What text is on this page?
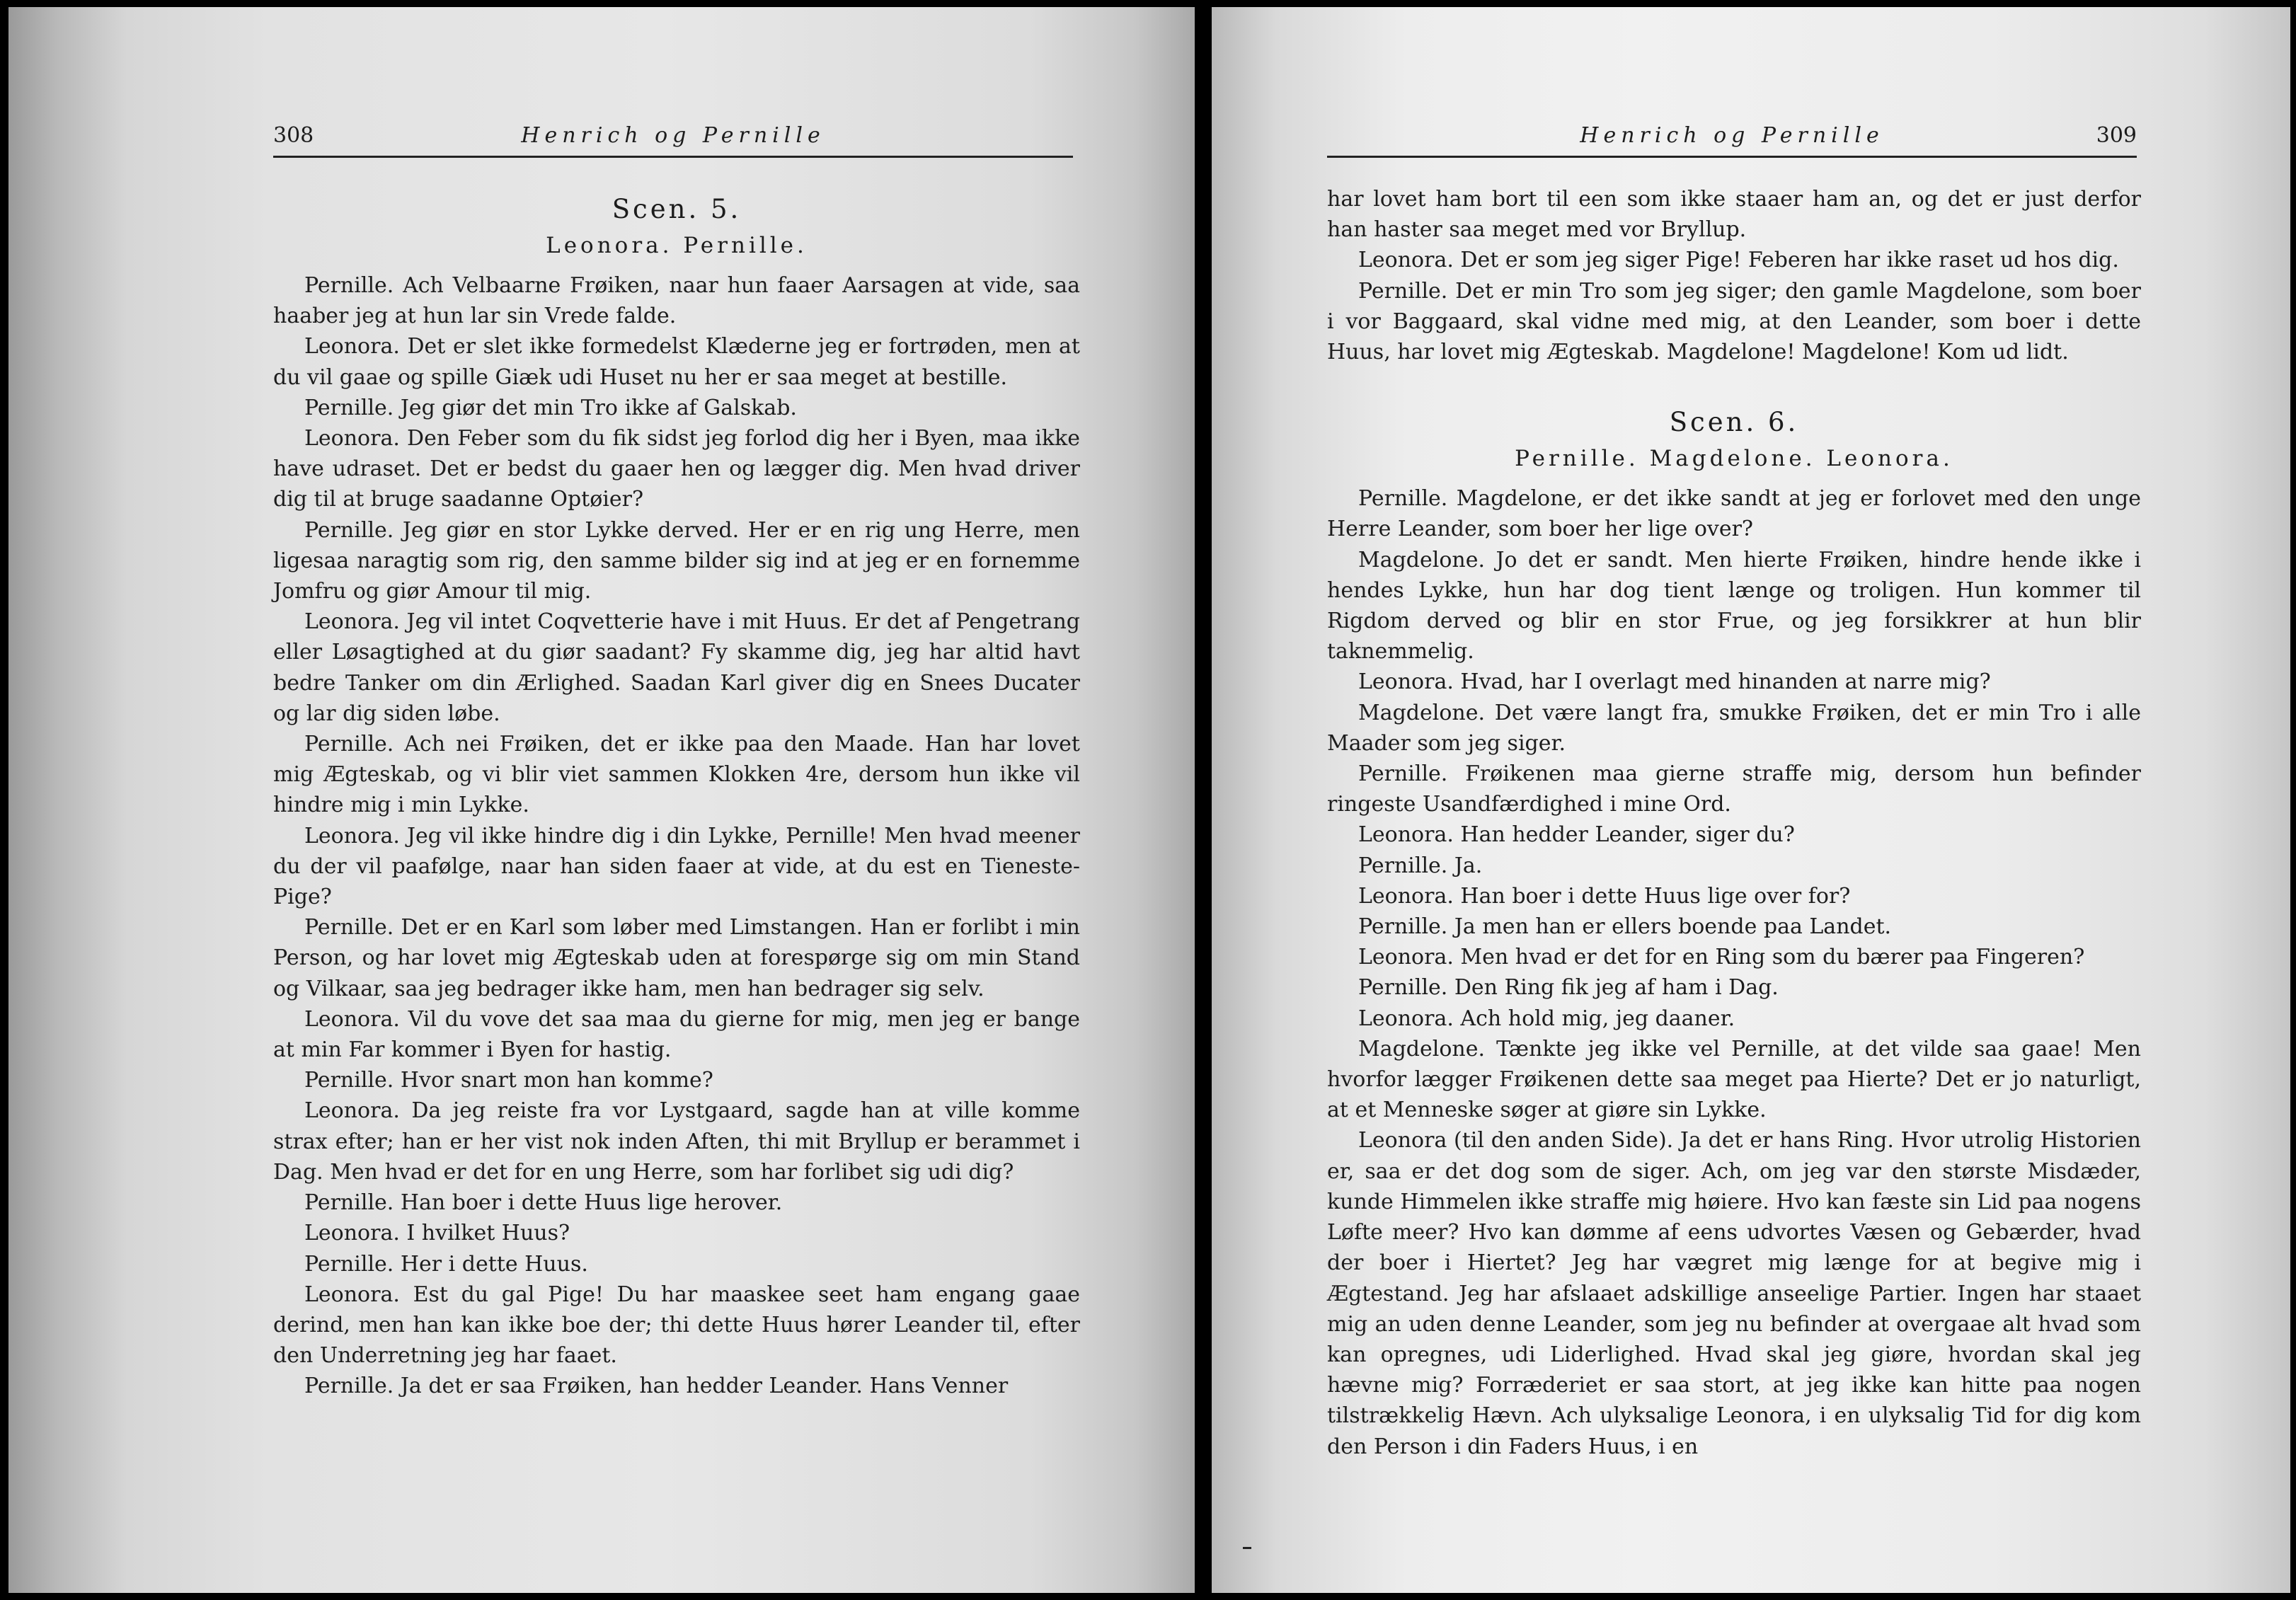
308	Henrich og Pernille

Scen. 5.

Leonora. Pernille.

Pernille. Ach Velbaarne Frøiken, naar hun faaer Aarsagen at vide, saa haaber jeg at hun lar sin Vrede falde.

Leonora. Det er slet ikke formedelst Klæderne jeg er fortrøden, men at du vil gaae og spille Giæk udi Huset nu her er saa meget at bestille.

Pernille. Jeg giør det min Tro ikke af Galskab.

Leonora. Den Feber som du fik sidst jeg forlod dig her i Byen, maa ikke have udraset. Det er bedst du gaaer hen og lægger dig. Men hvad driver dig til at bruge saadanne Optøier?

Pernille. Jeg giør en stor Lykke derved. Her er en rig ung Herre, men ligesaa naragtig som rig, den samme bilder sig ind at jeg er en fornemme Jomfru og giør Amour til mig.

Leonora. Jeg vil intet Coqvetterie have i mit Huus. Er det af Pengetrang eller Løsagtighed at du giør saadant? Fy skamme dig, jeg har altid havt bedre Tanker om din Ærlighed. Saadan Karl giver dig en Snees Ducater og lar dig siden løbe.

Pernille. Ach nei Frøiken, det er ikke paa den Maade. Han har lovet mig Ægteskab, og vi blir viet sammen Klokken 4re, dersom hun ikke vil hindre mig i min Lykke.

Leonora. Jeg vil ikke hindre dig i din Lykke, Pernille! Men hvad meener du der vil paafølge, naar han siden faaer at vide, at du est en Tieneste-Pige?

Pernille. Det er en Karl som løber med Limstangen. Han er forlibt i min Person, og har lovet mig Ægteskab uden at forespørge sig om min Stand og Vilkaar, saa jeg bedrager ikke ham, men han bedrager sig selv.

Leonora. Vil du vove det saa maa du gierne for mig, men jeg er bange at min Far kommer i Byen for hastig.

Pernille. Hvor snart mon han komme?

Leonora. Da jeg reiste fra vor Lystgaard, sagde han at ville komme strax efter; han er her vist nok inden Aften, thi mit Bryllup er berammet i Dag. Men hvad er det for en ung Herre, som har forlibet sig udi dig?

Pernille. Han boer i dette Huus lige herover.

Leonora. I hvilket Huus?

Pernille. Her i dette Huus.

Leonora. Est du gal Pige! Du har maaskee seet ham engang gaae derind, men han kan ikke boe der; thi dette Huus hører Leander til, efter den Underretning jeg har faaet.

Pernille. Ja det er saa Frøiken, han hedder Leander. Hans Venner

Henrich og Pernille	309

har lovet ham bort til een som ikke staaer ham an, og det er just derfor han haster saa meget med vor Bryllup.

Leonora. Det er som jeg siger Pige! Feberen har ikke raset ud hos dig.

Pernille. Det er min Tro som jeg siger; den gamle Magdelone, som boer i vor Baggaard, skal vidne med mig, at den Leander, som boer i dette Huus, har lovet mig Ægteskab. Magdelone! Magdelone! Kom ud lidt.

Scen. 6.

Pernille. Magdelone. Leonora.

Pernille. Magdelone, er det ikke sandt at jeg er forlovet med den unge Herre Leander, som boer her lige over?

Magdelone. Jo det er sandt. Men hierte Frøiken, hindre hende ikke i hendes Lykke, hun har dog tient længe og troligen. Hun kommer til Rigdom derved og blir en stor Frue, og jeg forsikkrer at hun blir taknemmelig.

Leonora. Hvad, har I overlagt med hinanden at narre mig?

Magdelone. Det være langt fra, smukke Frøiken, det er min Tro i alle Maader som jeg siger.

Pernille. Frøikenen maa gierne straffe mig, dersom hun befinder ringeste Usandfærdighed i mine Ord.

Leonora. Han hedder Leander, siger du?

Pernille. Ja.

Leonora. Han boer i dette Huus lige over for?

Pernille. Ja men han er ellers boende paa Landet.

Leonora. Men hvad er det for en Ring som du bærer paa Fingeren?

Pernille. Den Ring fik jeg af ham i Dag.

Leonora. Ach hold mig, jeg daaner.

Magdelone. Tænkte jeg ikke vel Pernille, at det vilde saa gaae! Men hvorfor lægger Frøikenen dette saa meget paa Hierte? Det er jo naturligt, at et Menneske søger at giøre sin Lykke.

Leonora (til den anden Side). Ja det er hans Ring. Hvor utrolig Historien er, saa er det dog som de siger. Ach, om jeg var den største Misdæder, kunde Himmelen ikke straffe mig høiere. Hvo kan fæste sin Lid paa nogens Løfte meer? Hvo kan dømme af eens udvortes Væsen og Gebærder, hvad der boer i Hiertet? Jeg har vægret mig længe for at begive mig i Ægtestand. Jeg har afslaaet adskillige anseelige Partier. Ingen har staaet mig an uden denne Leander, som jeg nu befinder at overgaae alt hvad som kan opregnes, udi Liderlighed. Hvad skal jeg giøre, hvordan skal jeg hævne mig? Forræderiet er saa stort, at jeg ikke kan hitte paa nogen tilstrækkelig Hævn. Ach ulyksalige Leonora, i en ulyksalig Tid for dig kom den Person i din Faders Huus, i en
